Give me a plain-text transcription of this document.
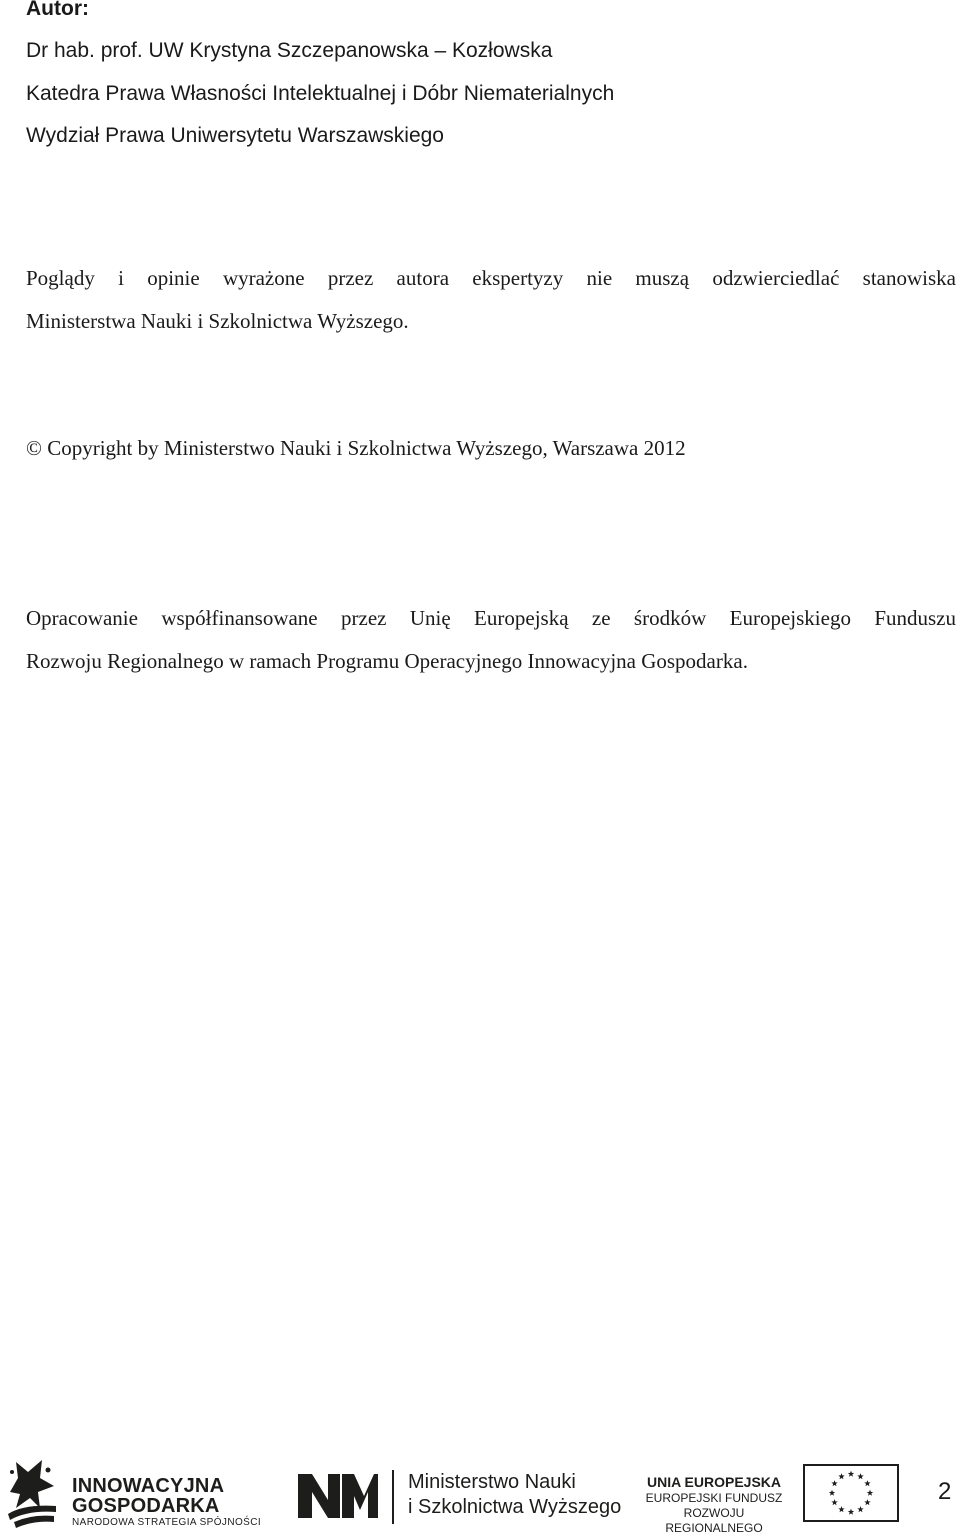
Autor:
Dr hab. prof. UW Krystyna Szczepanowska – Kozłowska
Katedra Prawa Własności Intelektualnej i Dóbr Niematerialnych
Wydział Prawa Uniwersytetu Warszawskiego
Poglądy i opinie wyrażone przez autora ekspertyzy nie muszą odzwierciedlać stanowiska
Ministerstwa Nauki i Szkolnictwa Wyższego.
© Copyright by Ministerstwo Nauki i Szkolnictwa Wyższego, Warszawa 2012
Opracowanie współfinansowane przez Unię Europejską ze środków Europejskiego Funduszu
Rozwoju Regionalnego w ramach Programu Operacyjnego Innowacyjna Gospodarka.
INNOWACYJNA
GOSPODARKA
NARODOWA STRATEGIA SPÓJNOŚCI
Ministerstwo Nauki
i Szkolnictwa Wyższego
UNIA EUROPEJSKA
EUROPEJSKI FUNDUSZ
ROZWOJU REGIONALNEGO
2
